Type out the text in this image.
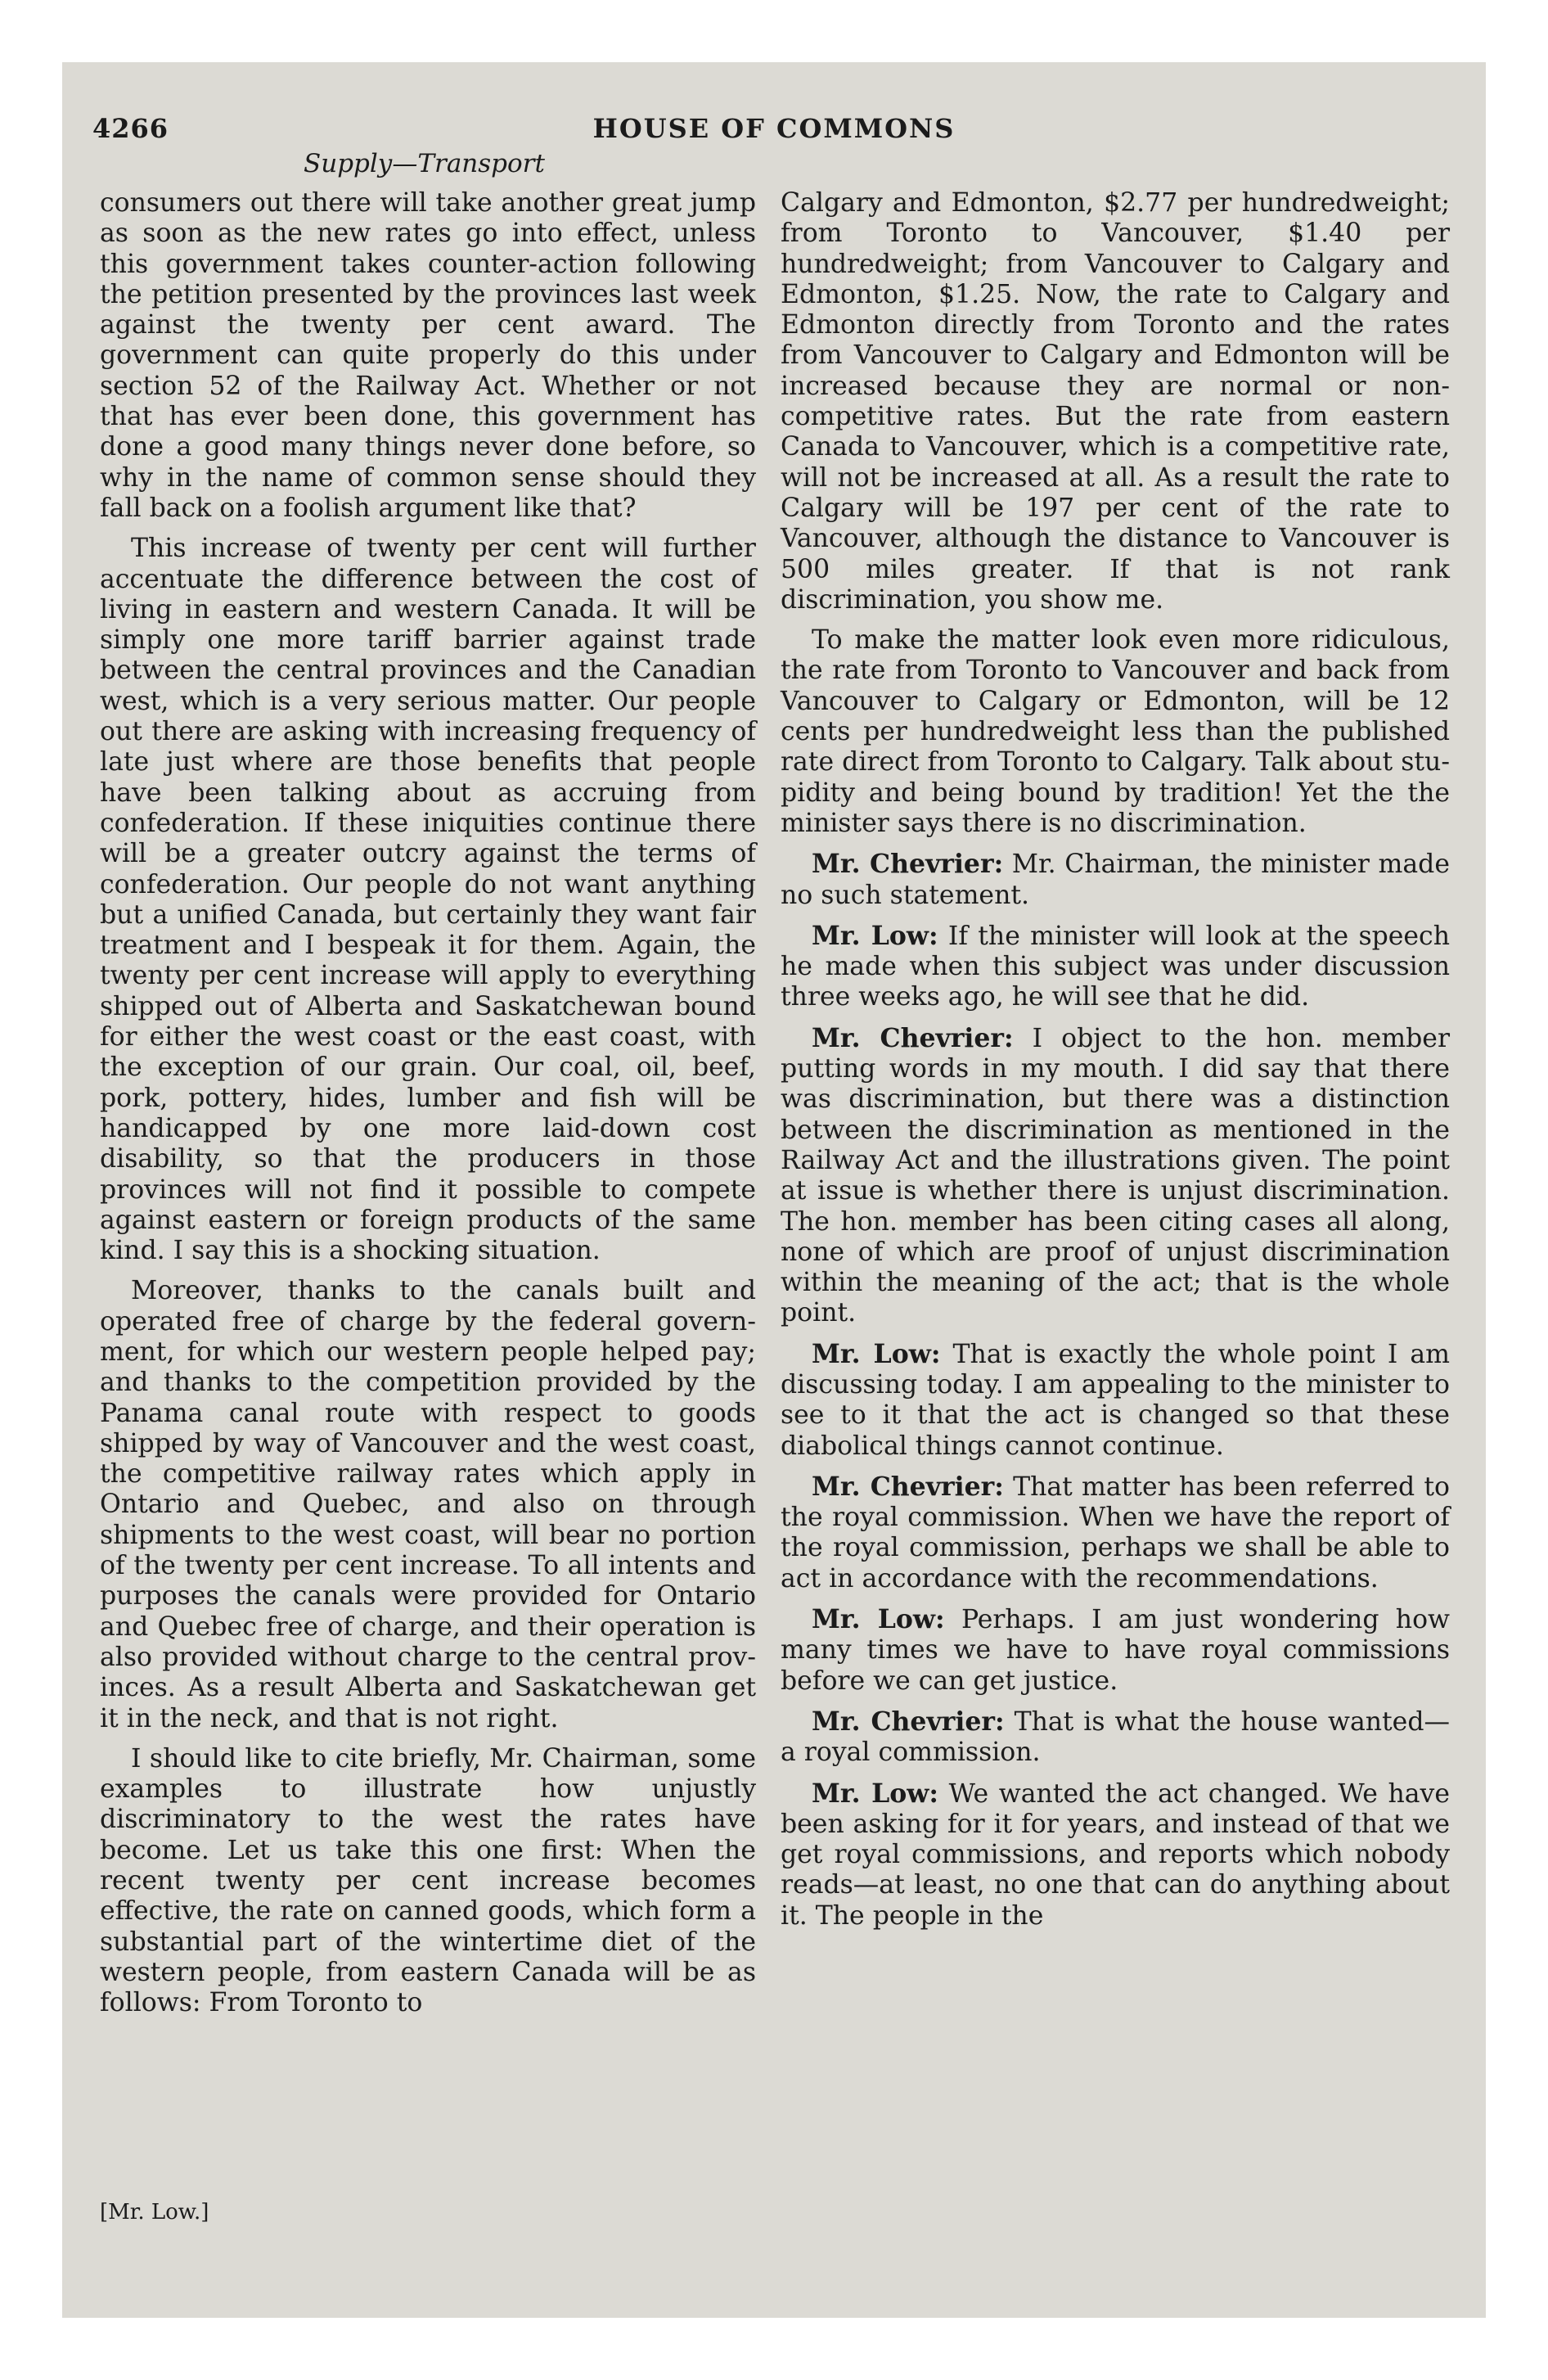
4266	HOUSE OF COMMONS
Supply—Transport

consumers out there will take another great jump as soon as the new rates go into effect, unless this government takes counter-action following the petition presented by the provinces last week against the twenty per cent award. The government can quite properly do this under section 52 of the Railway Act. Whether or not that has ever been done, this government has done a good many things never done before, so why in the name of common sense should they fall back on a foolish argument like that?

This increase of twenty per cent will further accentuate the difference between the cost of living in eastern and western Canada. It will be simply one more tariff barrier against trade between the central provinces and the Canadian west, which is a very serious matter. Our people out there are asking with increasing frequency of late just where are those benefits that people have been talking about as accruing from confederation. If these iniquities continue there will be a greater outcry against the terms of confederation. Our people do not want anything but a unified Canada, but certainly they want fair treatment and I bespeak it for them. Again, the twenty per cent increase will apply to everything shipped out of Alberta and Saskatchewan bound for either the west coast or the east coast, with the exception of our grain. Our coal, oil, beef, pork, pottery, hides, lumber and fish will be handicapped by one more laid-down cost disability, so that the producers in those provinces will not find it possible to compete against eastern or foreign products of the same kind. I say this is a shocking situation.

Moreover, thanks to the canals built and operated free of charge by the federal government, for which our western people helped pay; and thanks to the competition provided by the Panama canal route with respect to goods shipped by way of Vancouver and the west coast, the competitive railway rates which apply in Ontario and Quebec, and also on through shipments to the west coast, will bear no portion of the twenty per cent increase. To all intents and purposes the canals were provided for Ontario and Quebec free of charge, and their operation is also provided without charge to the central provinces. As a result Alberta and Saskatchewan get it in the neck, and that is not right.

I should like to cite briefly, Mr. Chairman, some examples to illustrate how unjustly discriminatory to the west the rates have become. Let us take this one first: When the recent twenty per cent increase becomes effective, the rate on canned goods, which form a substantial part of the wintertime diet of the western people, from eastern Canada will be as follows: From Toronto to

Calgary and Edmonton, $2.77 per hundredweight; from Toronto to Vancouver, $1.40 per hundredweight; from Vancouver to Calgary and Edmonton, $1.25. Now, the rate to Calgary and Edmonton directly from Toronto and the rates from Vancouver to Calgary and Edmonton will be increased because they are normal or non-competitive rates. But the rate from eastern Canada to Vancouver, which is a competitive rate, will not be increased at all. As a result the rate to Calgary will be 197 per cent of the rate to Vancouver, although the distance to Vancouver is 500 miles greater. If that is not rank discrimination, you show me.

To make the matter look even more ridiculous, the rate from Toronto to Vancouver and back from Vancouver to Calgary or Edmonton, will be 12 cents per hundredweight less than the published rate direct from Toronto to Calgary. Talk about stupidity and being bound by tradition! Yet the the minister says there is no discrimination.

Mr. Chevrier: Mr. Chairman, the minister made no such statement.

Mr. Low: If the minister will look at the speech he made when this subject was under discussion three weeks ago, he will see that he did.

Mr. Chevrier: I object to the hon. member putting words in my mouth. I did say that there was discrimination, but there was a distinction between the discrimination as mentioned in the Railway Act and the illustrations given. The point at issue is whether there is unjust discrimination. The hon. member has been citing cases all along, none of which are proof of unjust discrimination within the meaning of the act; that is the whole point.

Mr. Low: That is exactly the whole point I am discussing today. I am appealing to the minister to see to it that the act is changed so that these diabolical things cannot continue.

Mr. Chevrier: That matter has been referred to the royal commission. When we have the report of the royal commission, perhaps we shall be able to act in accordance with the recommendations.

Mr. Low: Perhaps. I am just wondering how many times we have to have royal commissions before we can get justice.

Mr. Chevrier: That is what the house wanted—a royal commission.

Mr. Low: We wanted the act changed. We have been asking for it for years, and instead of that we get royal commissions, and reports which nobody reads—at least, no one that can do anything about it. The people in the

[Mr. Low.]
